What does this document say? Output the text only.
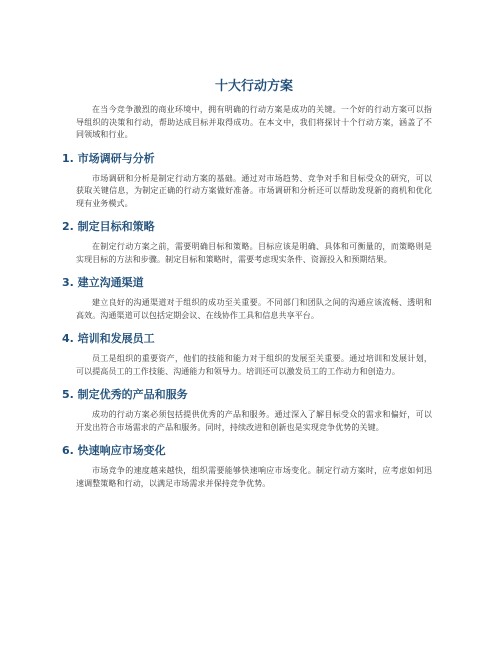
十大行动方案

在当今竞争激烈的商业环境中，拥有明确的行动方案是成功的关键。一个好的行动方案可以指导组织的决策和行动，帮助达成目标并取得成功。在本文中，我们将探讨十个行动方案，涵盖了不同领域和行业。

1. 市场调研与分析

市场调研和分析是制定行动方案的基础。通过对市场趋势、竞争对手和目标受众的研究，可以获取关键信息，为制定正确的行动方案做好准备。市场调研和分析还可以帮助发现新的商机和优化现有业务模式。

2. 制定目标和策略

在制定行动方案之前，需要明确目标和策略。目标应该是明确、具体和可衡量的，而策略则是实现目标的方法和步骤。制定目标和策略时，需要考虑现实条件、资源投入和预期结果。

3. 建立沟通渠道

建立良好的沟通渠道对于组织的成功至关重要。不同部门和团队之间的沟通应该流畅、透明和高效。沟通渠道可以包括定期会议、在线协作工具和信息共享平台。

4. 培训和发展员工

员工是组织的重要资产，他们的技能和能力对于组织的发展至关重要。通过培训和发展计划，可以提高员工的工作技能、沟通能力和领导力。培训还可以激发员工的工作动力和创造力。

5. 制定优秀的产品和服务

成功的行动方案必须包括提供优秀的产品和服务。通过深入了解目标受众的需求和偏好，可以开发出符合市场需求的产品和服务。同时，持续改进和创新也是实现竞争优势的关键。

6. 快速响应市场变化

市场竞争的速度越来越快，组织需要能够快速响应市场变化。制定行动方案时，应考虑如何迅速调整策略和行动，以满足市场需求并保持竞争优势。
